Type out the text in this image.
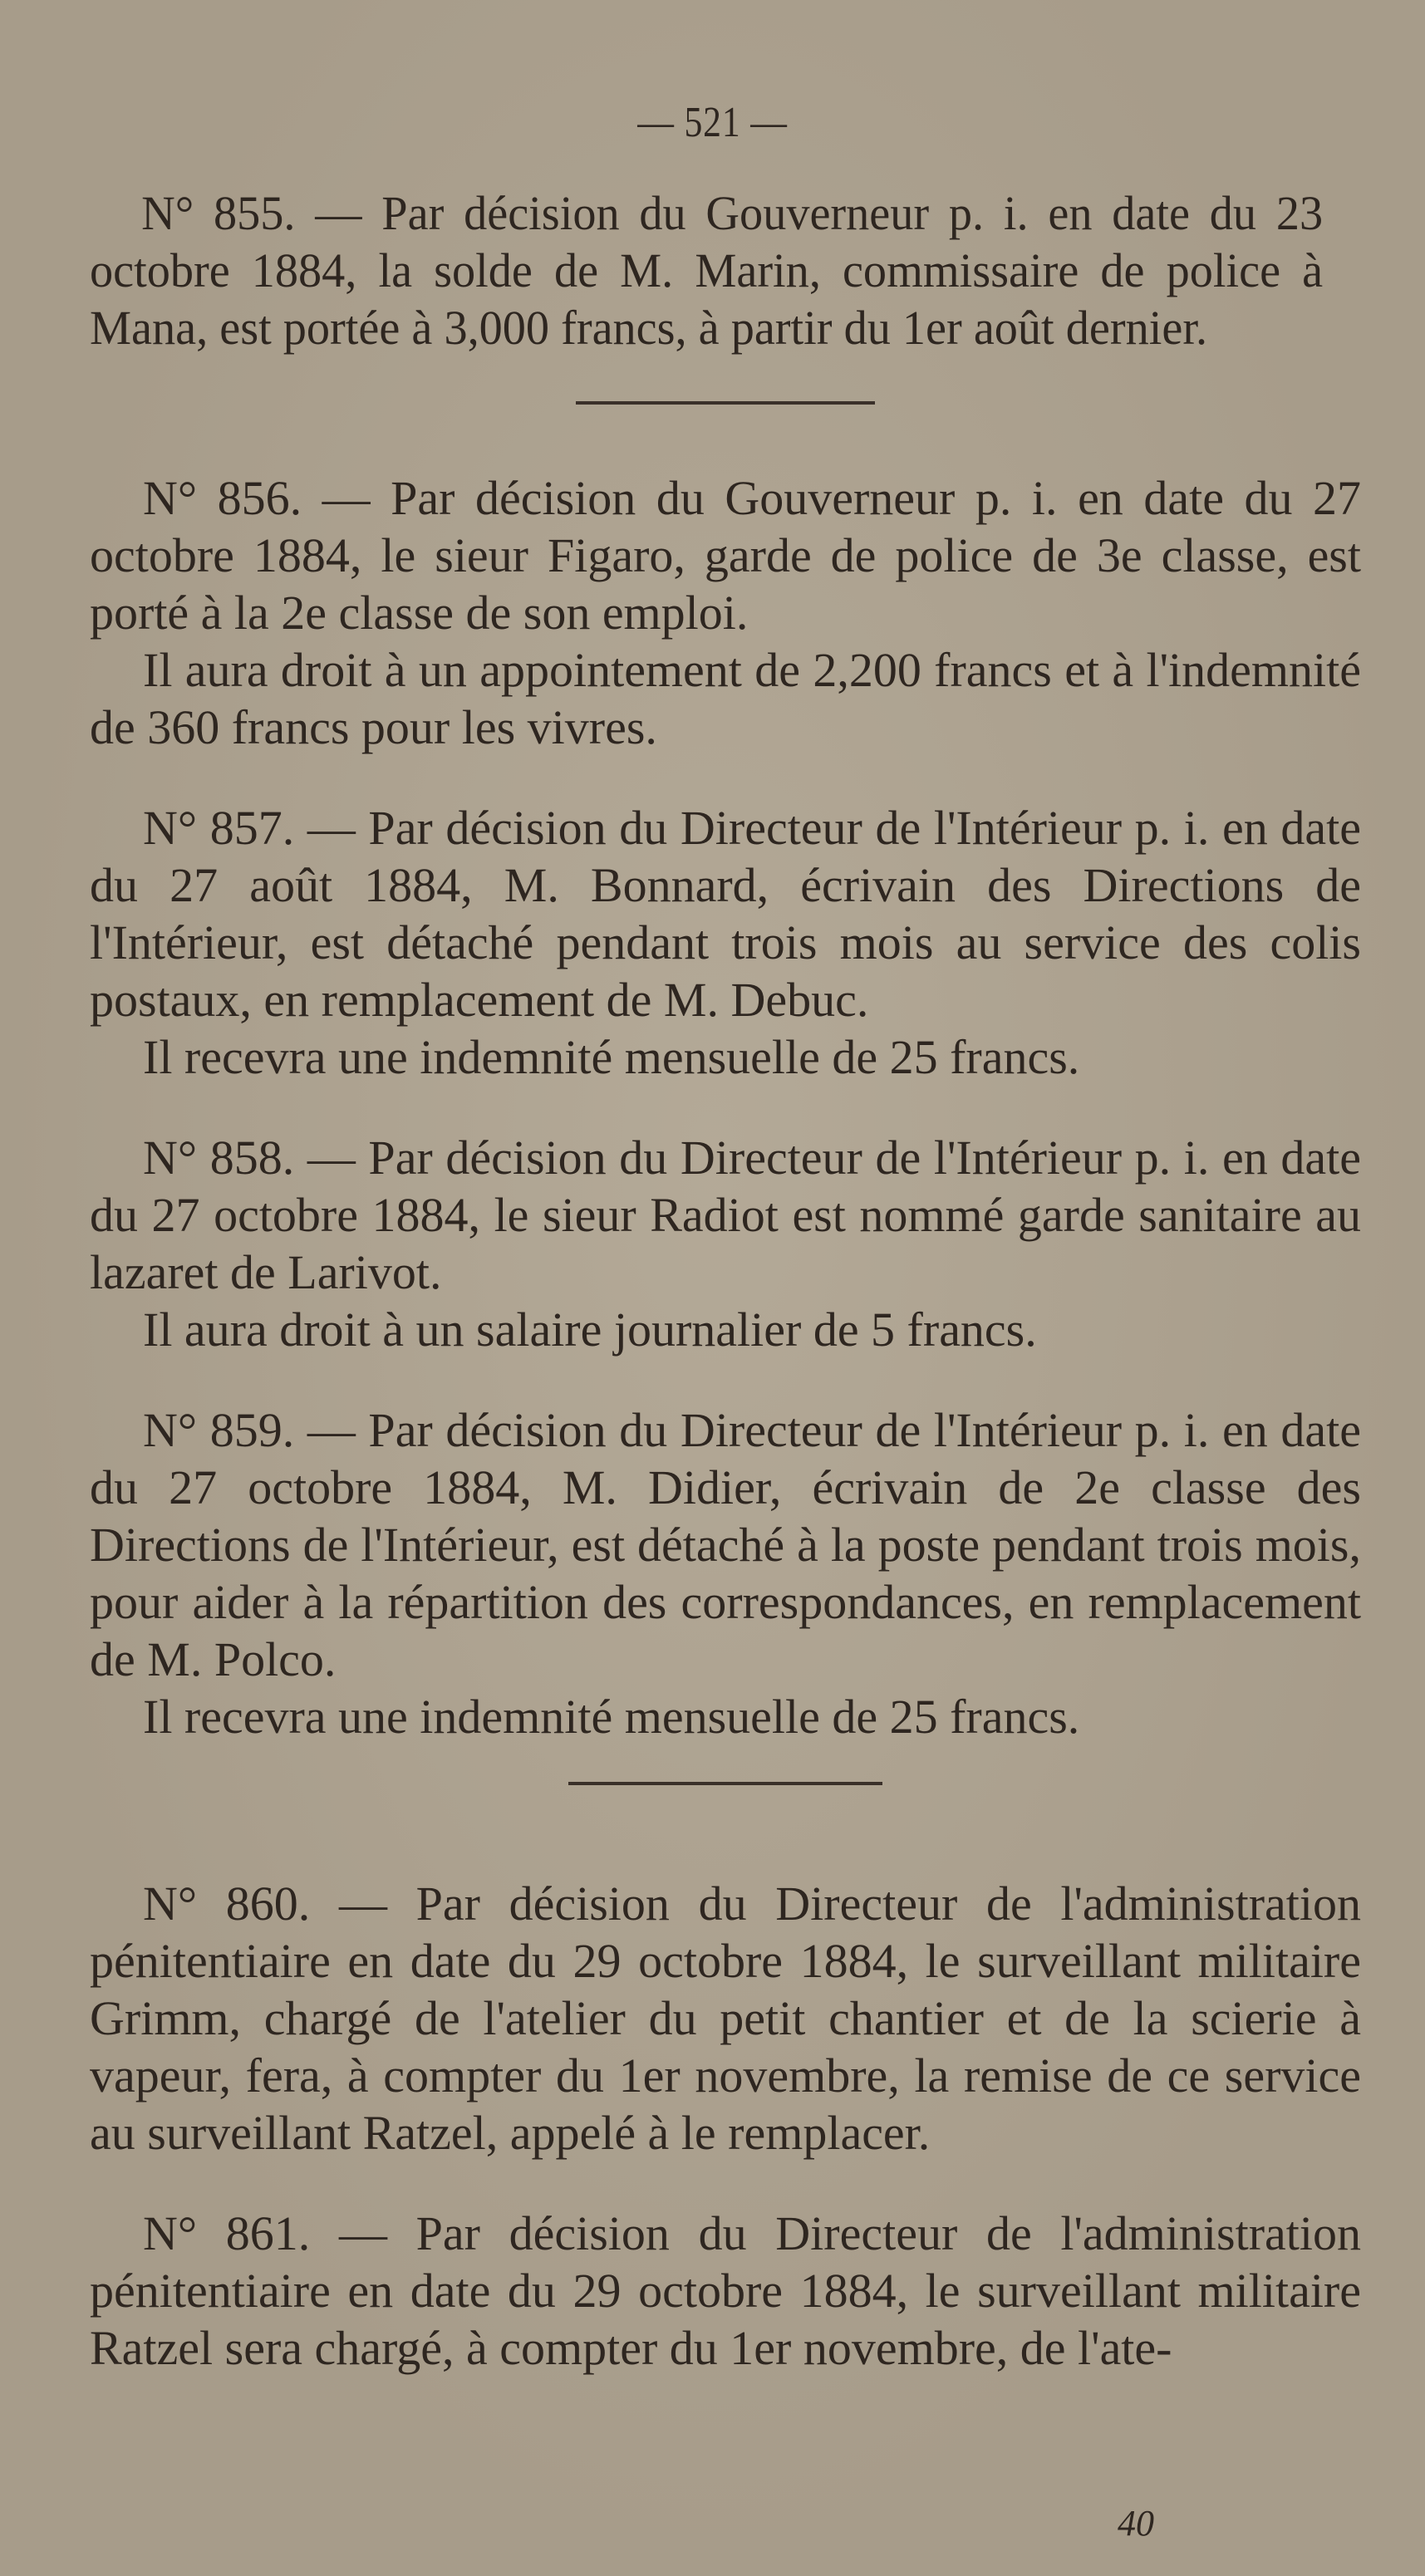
— 521 —

N° 855. — Par décision du Gouverneur p. i. en date du 23 octobre 1884, la solde de M. Marin, commissaire de police à Mana, est portée à 3,000 francs, à partir du 1er août dernier.

N° 856. — Par décision du Gouverneur p. i. en date du 27 octobre 1884, le sieur Figaro, garde de police de 3e classe, est porté à la 2e classe de son emploi.

Il aura droit à un appointement de 2,200 francs et à l'indemnité de 360 francs pour les vivres.

N° 857. — Par décision du Directeur de l'Intérieur p. i. en date du 27 août 1884, M. Bonnard, écrivain des Directions de l'Intérieur, est détaché pendant trois mois au service des colis postaux, en remplacement de M. Debuc.

Il recevra une indemnité mensuelle de 25 francs.

N° 858. — Par décision du Directeur de l'Intérieur p. i. en date du 27 octobre 1884, le sieur Radiot est nommé garde sanitaire au lazaret de Larivot.

Il aura droit à un salaire journalier de 5 francs.

N° 859. — Par décision du Directeur de l'Intérieur p. i. en date du 27 octobre 1884, M. Didier, écrivain de 2e classe des Directions de l'Intérieur, est détaché à la poste pendant trois mois, pour aider à la répartition des correspondances, en remplacement de M. Polco.

Il recevra une indemnité mensuelle de 25 francs.

N° 860. — Par décision du Directeur de l'administration pénitentiaire en date du 29 octobre 1884, le surveillant militaire Grimm, chargé de l'atelier du petit chantier et de la scierie à vapeur, fera, à compter du 1er novembre, la remise de ce service au surveillant Ratzel, appelé à le remplacer.

N° 861. — Par décision du Directeur de l'administration pénitentiaire en date du 29 octobre 1884, le surveillant militaire Ratzel sera chargé, à compter du 1er novembre, de l'ate-

40
